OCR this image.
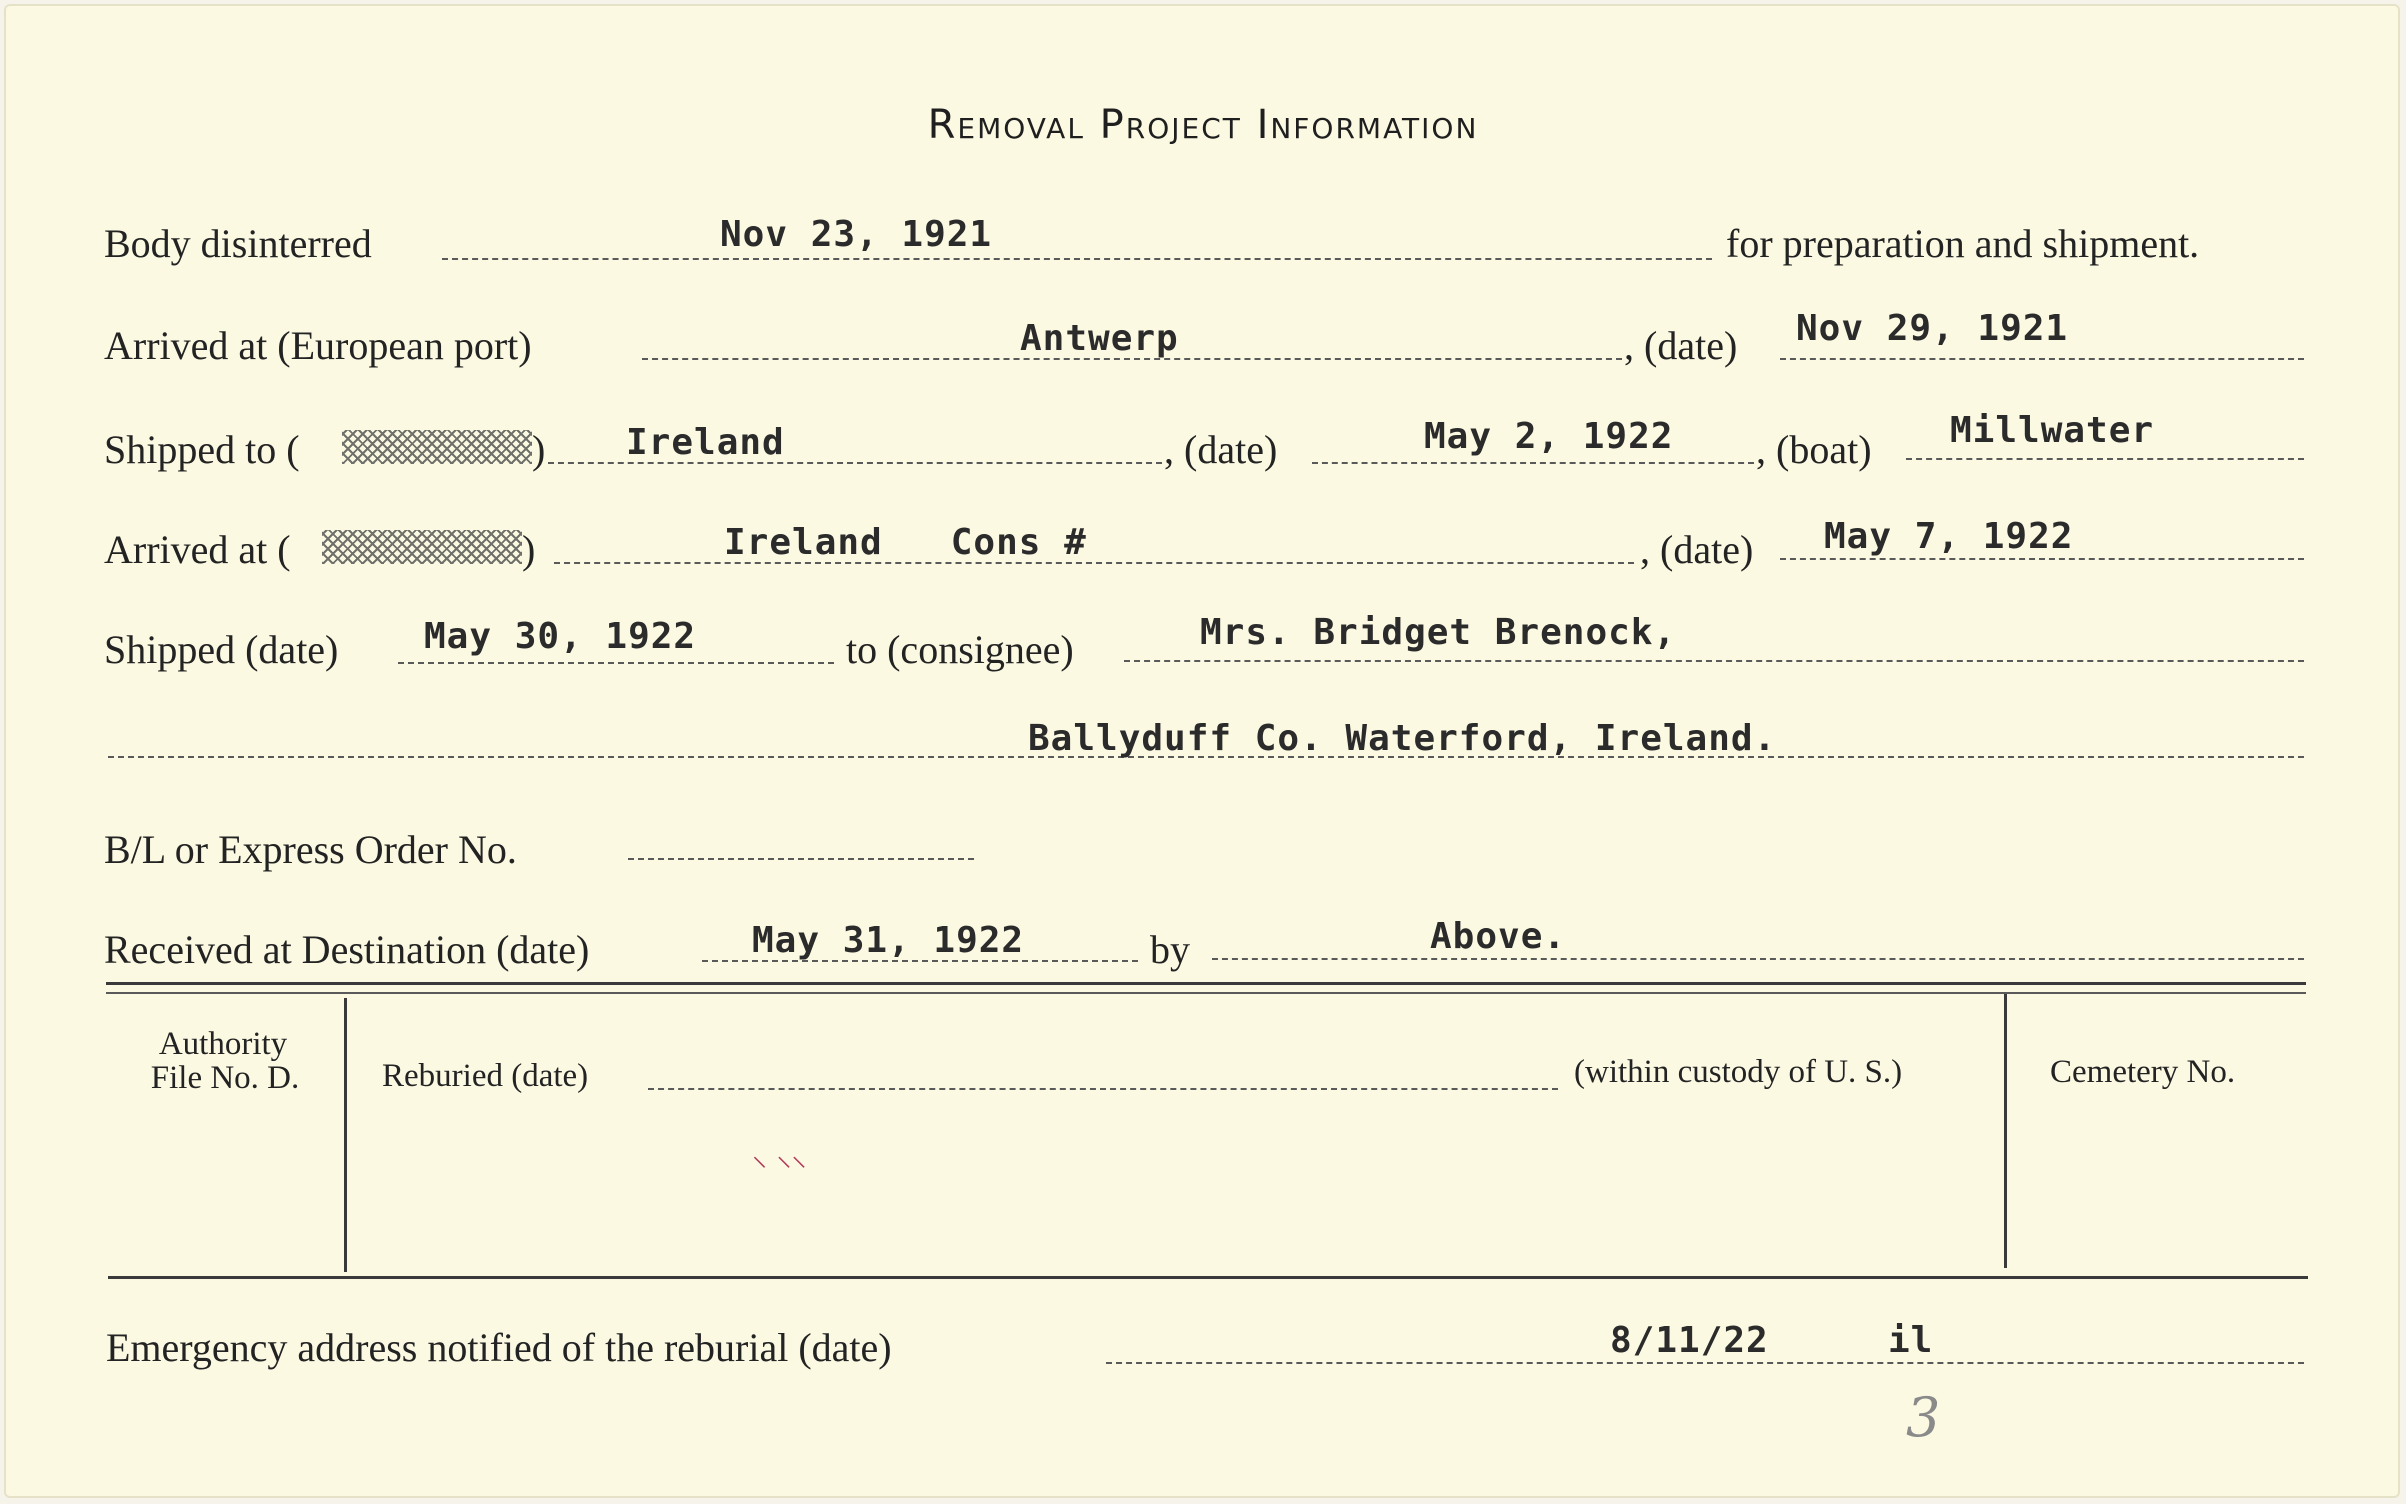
Removal Project Information
Body disinterred	Nov 23, 1921	for preparation and shipment.
Arrived at (European port)	Antwerp	, (date) Nov 29, 1921
Shipped to (	) Ireland	, (date)	May 2, 1922 , (boat) Millwater
Arrived at (	)	Ireland   Cons #	, (date) May 7, 1922
Shipped (date) May 30, 1922	to (consignee)	Mrs. Bridget Brenock,
Ballyduff Co. Waterford, Ireland.
B/L or Express Order No.
Received at Destination (date)	May 31, 1922	by	Above.
Authority
File No. D.	Reburied (date)	(within custody of U. S.)	Cemetery No.
⸌ ⸌⸌
Emergency address notified of the reburial (date)	8/11/22	il
3
